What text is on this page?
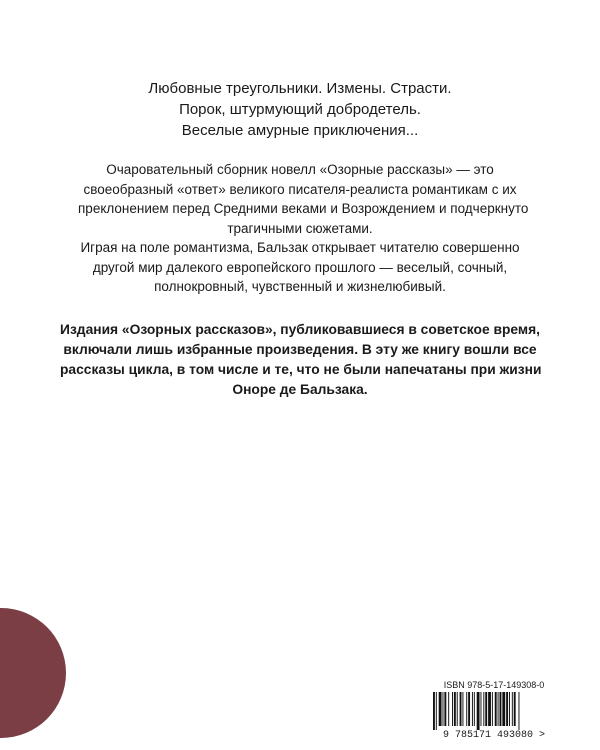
Любовные треугольники. Измены. Страсти.
Порок, штурмующий добродетель.
Веселые амурные приключения...
Очаровательный сборник новелл «Озорные рассказы» — это
своеобразный «ответ» великого писателя-реалиста романтикам с их
преклонением перед Средними веками и Возрождением и подчеркнуто
трагичными сюжетами.
Играя на поле романтизма, Бальзак открывает читателю совершенно
другой мир далекого европейского прошлого — веселый, сочный,
полнокровный, чувственный и жизнелюбивый.
Издания «Озорных рассказов», публиковавшиеся в советское время,
включали лишь избранные произведения. В эту же книгу вошли все
рассказы цикла, в том числе и те, что не были напечатаны при жизни
Оноре де Бальзака.
ISBN 978-5-17-149308-0
9 785171 493080 >
